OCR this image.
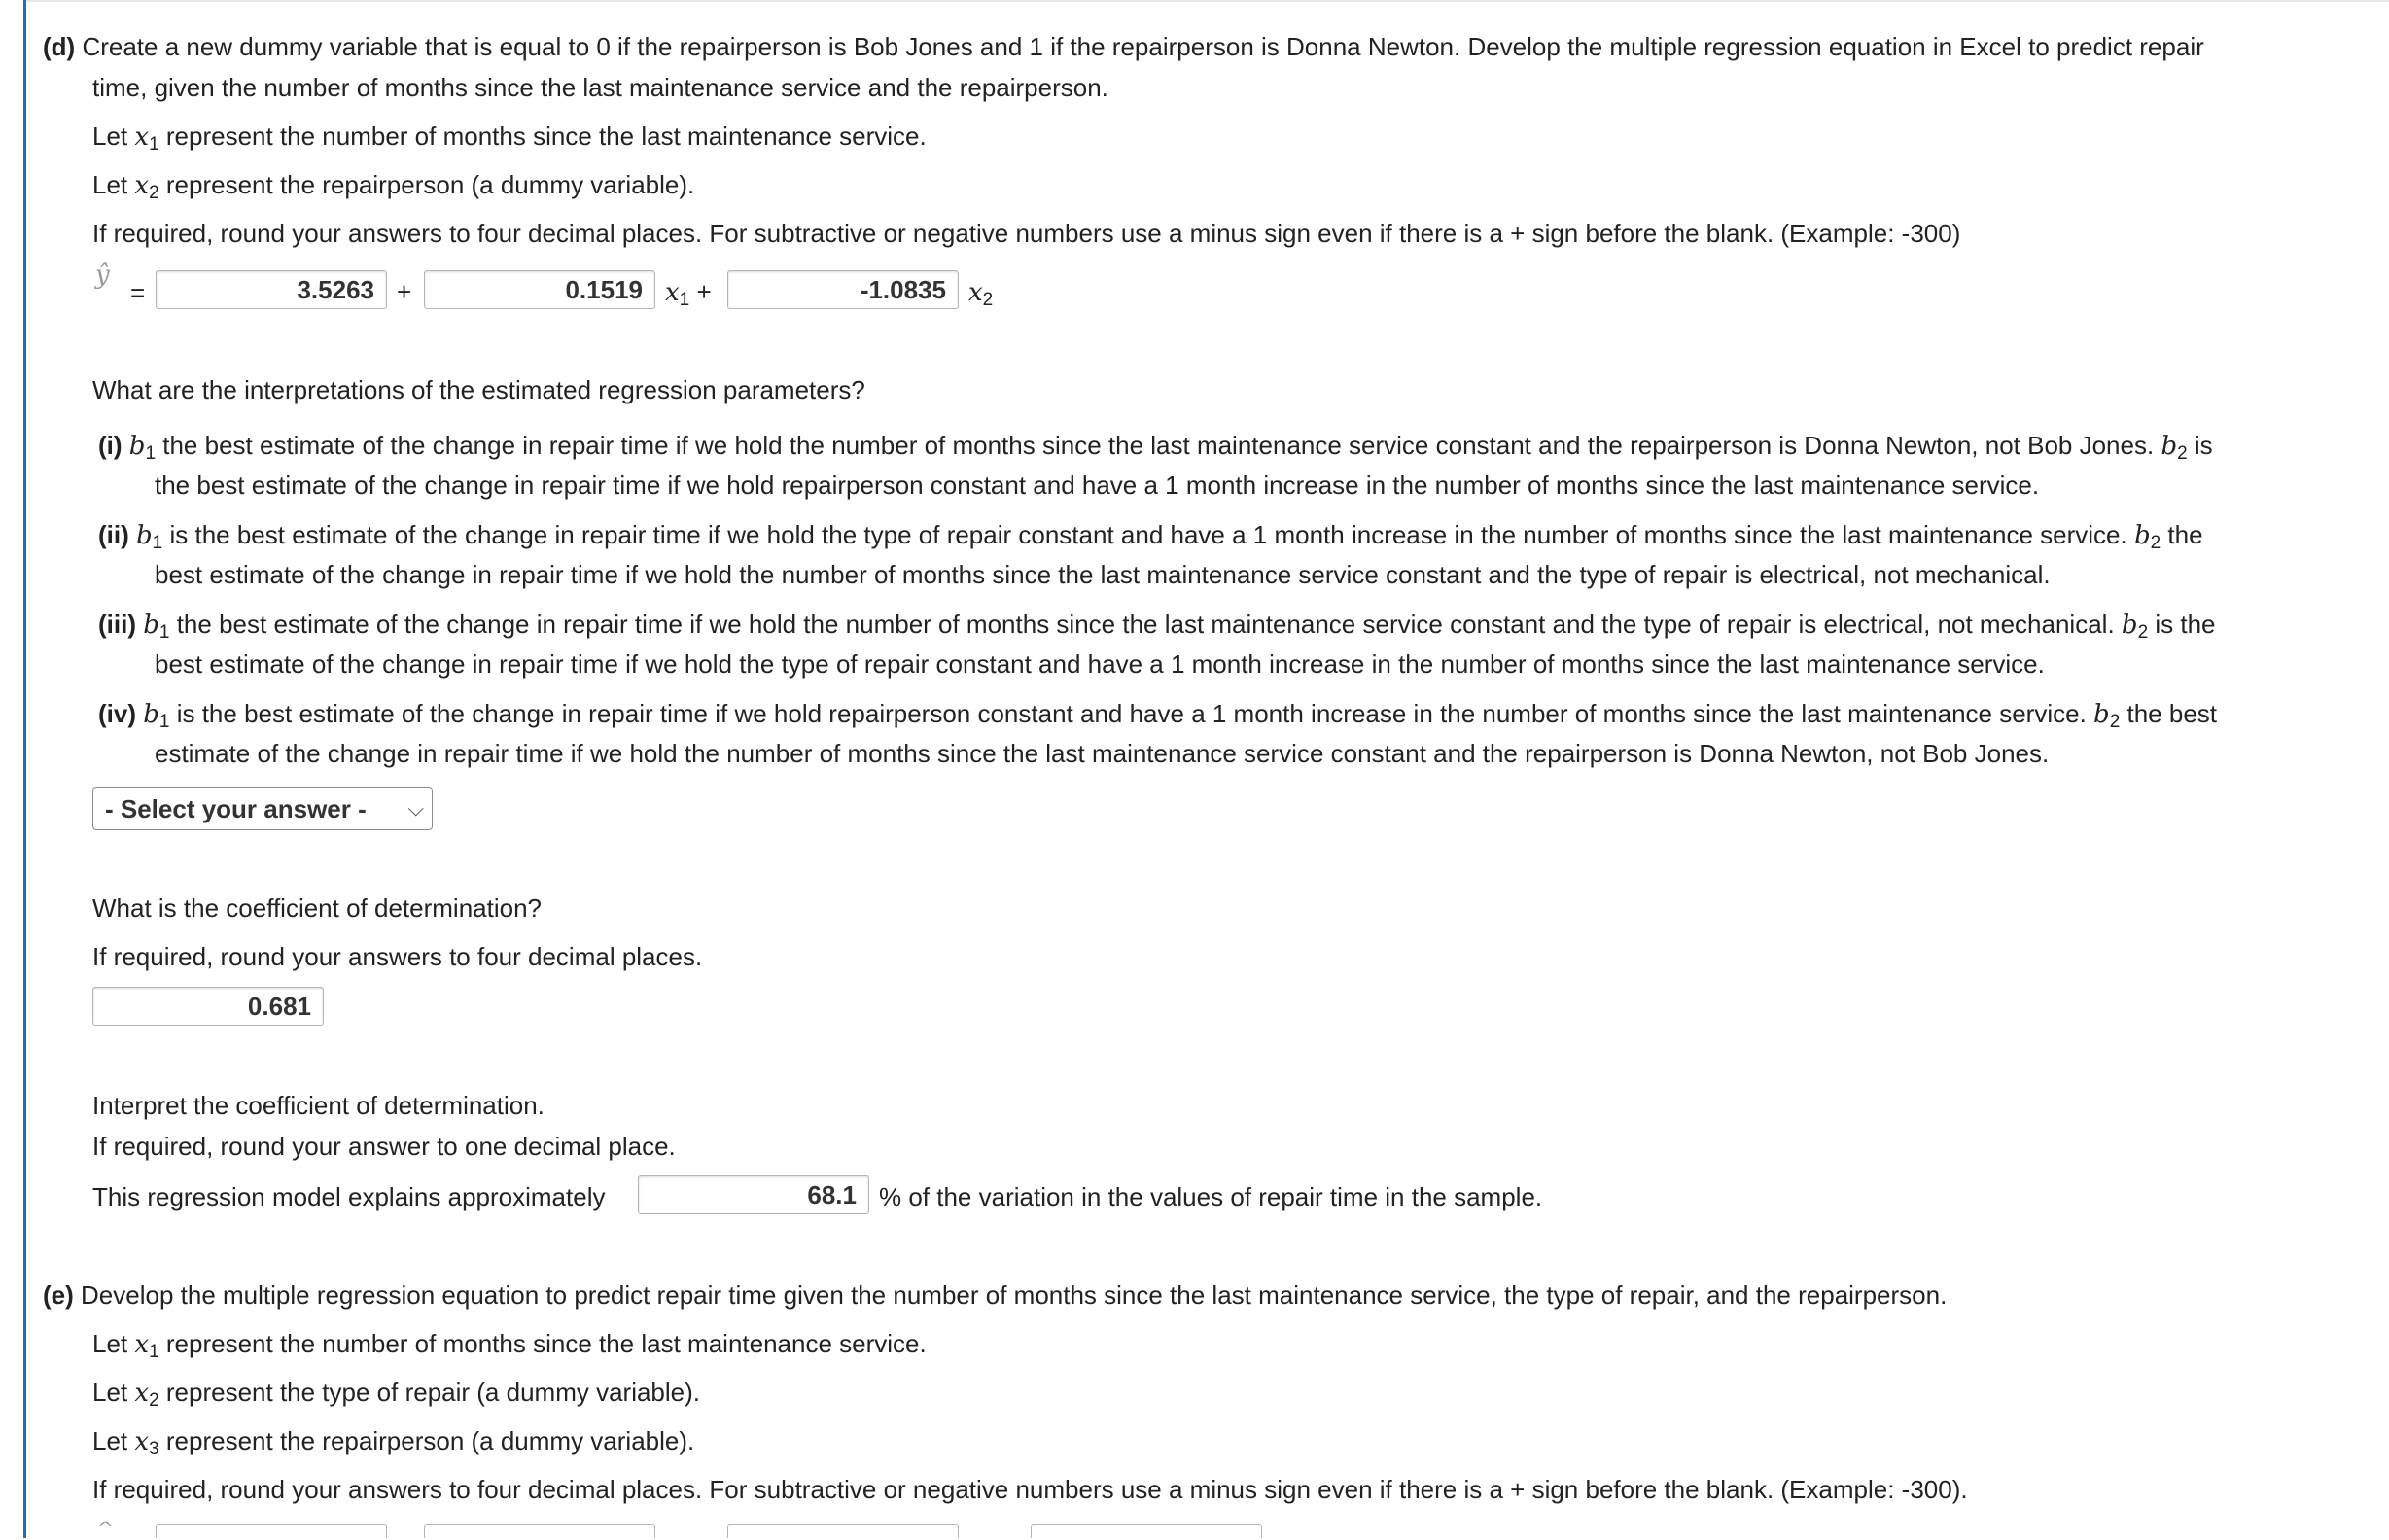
(d) Create a new dummy variable that is equal to 0 if the repairperson is Bob Jones and 1 if the repairperson is Donna Newton. Develop the multiple regression equation in Excel to predict repair
time, given the number of months since the last maintenance service and the repairperson.
Let $x_1$ represent the number of months since the last maintenance service.
Let $x_2$ represent the repairperson (a dummy variable).
If required, round your answers to four decimal places. For subtractive or negative numbers use a minus sign even if there is a + sign before the blank. (Example: -300)
ŷ
=	3.5263 +	0.1519 $x_1$ +	-1.0835 $x_2$
What are the interpretations of the estimated regression parameters?
(i) $b_1$ the best estimate of the change in repair time if we hold the number of months since the last maintenance service constant and the repairperson is Donna Newton, not Bob Jones. $b_2$ is
the best estimate of the change in repair time if we hold repairperson constant and have a 1 month increase in the number of months since the last maintenance service.
(ii) $b_1$ is the best estimate of the change in repair time if we hold the type of repair constant and have a 1 month increase in the number of months since the last maintenance service. $b_2$ the
best estimate of the change in repair time if we hold the number of months since the last maintenance service constant and the type of repair is electrical, not mechanical.
(iii) $b_1$ the best estimate of the change in repair time if we hold the number of months since the last maintenance service constant and the type of repair is electrical, not mechanical. $b_2$ is the
best estimate of the change in repair time if we hold the type of repair constant and have a 1 month increase in the number of months since the last maintenance service.
(iv) $b_1$ is the best estimate of the change in repair time if we hold repairperson constant and have a 1 month increase in the number of months since the last maintenance service. $b_2$ the best
estimate of the change in repair time if we hold the number of months since the last maintenance service constant and the repairperson is Donna Newton, not Bob Jones.
- Select your answer - ⌵
What is the coefficient of determination?
If required, round your answers to four decimal places.
0.681
Interpret the coefficient of determination.
If required, round your answer to one decimal place.
This regression model explains approximately	68.1 % of the variation in the values of repair time in the sample.
(e) Develop the multiple regression equation to predict repair time given the number of months since the last maintenance service, the type of repair, and the repairperson.
Let $x_1$ represent the number of months since the last maintenance service.
Let $x_2$ represent the type of repair (a dummy variable).
Let $x_3$ represent the repairperson (a dummy variable).
If required, round your answers to four decimal places. For subtractive or negative numbers use a minus sign even if there is a + sign before the blank. (Example: -300).
^
